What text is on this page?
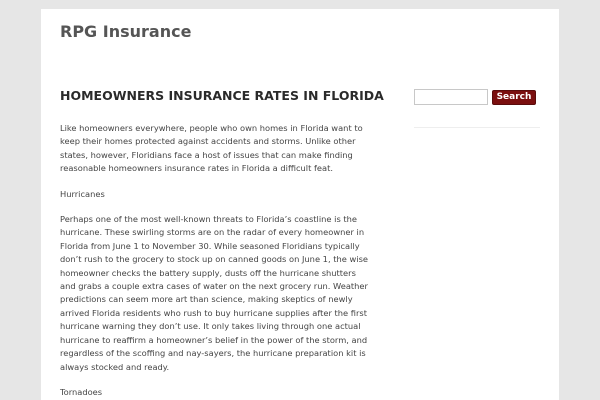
RPG Insurance
HOMEOWNERS INSURANCE RATES IN FLORIDA

Like homeowners everywhere, people who own homes in Florida want to keep their homes protected against accidents and storms. Unlike other states, however, Floridians face a host of issues that can make finding reasonable homeowners insurance rates in Florida a difficult feat.

Hurricanes

Perhaps one of the most well-known threats to Florida’s coastline is the hurricane. These swirling storms are on the radar of every homeowner in Florida from June 1 to November 30. While seasoned Floridians typically don’t rush to the grocery to stock up on canned goods on June 1, the wise homeowner checks the battery supply, dusts off the hurricane shutters and grabs a couple extra cases of water on the next grocery run. Weather predictions can seem more art than science, making skeptics of newly arrived Florida residents who rush to buy hurricane supplies after the first hurricane warning they don’t use. It only takes living through one actual hurricane to reaffirm a homeowner’s belief in the power of the storm, and regardless of the scoffing and nay-sayers, the hurricane preparation kit is always stocked and ready.

Tornadoes

Search
